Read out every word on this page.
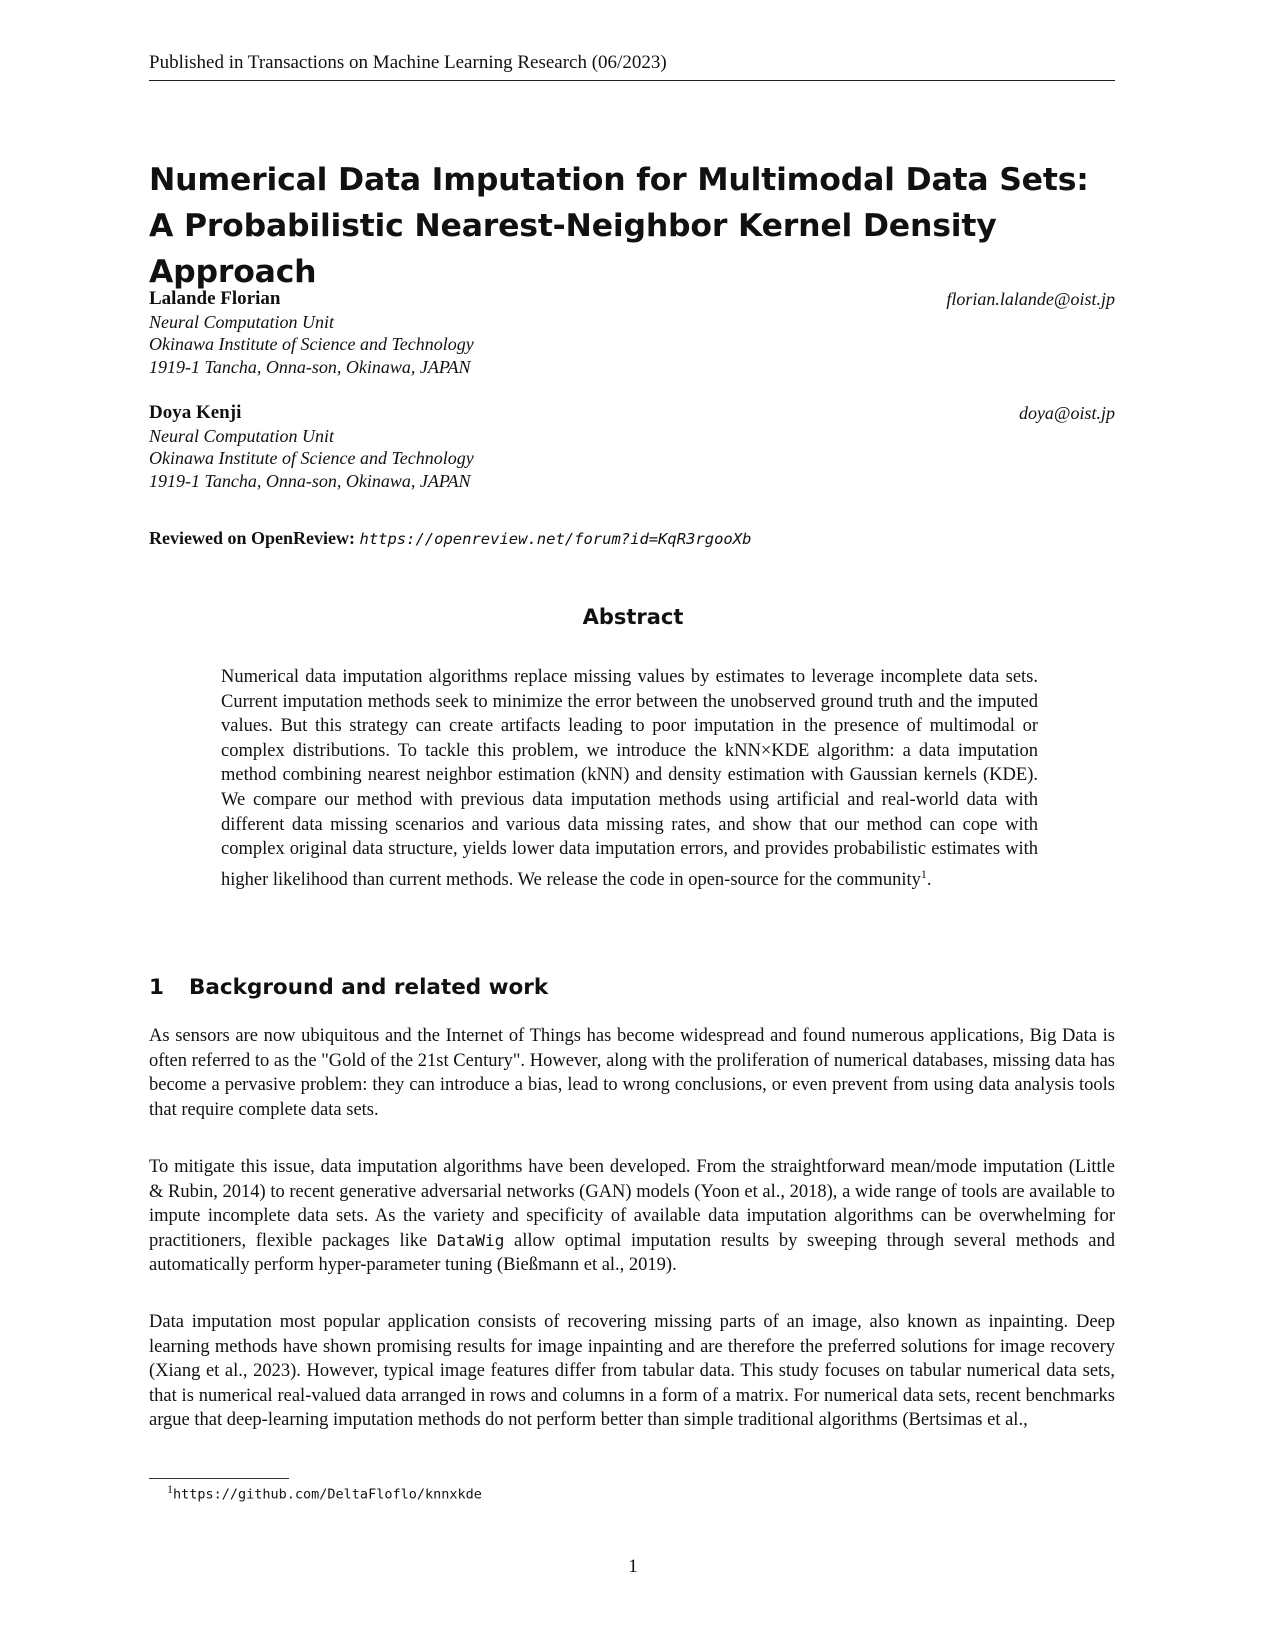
Published in Transactions on Machine Learning Research (06/2023)
Numerical Data Imputation for Multimodal Data Sets:
A Probabilistic Nearest-Neighbor Kernel Density Approach
Lalande Florian
Neural Computation Unit
Okinawa Institute of Science and Technology
1919-1 Tancha, Onna-son, Okinawa, JAPAN
florian.lalande@oist.jp
Doya Kenji
Neural Computation Unit
Okinawa Institute of Science and Technology
1919-1 Tancha, Onna-son, Okinawa, JAPAN
doya@oist.jp
Reviewed on OpenReview: https://openreview.net/forum?id=KqR3rgooXb
Abstract

Numerical data imputation algorithms replace missing values by estimates to leverage incomplete data sets. Current imputation methods seek to minimize the error between the unobserved ground truth and the imputed values. But this strategy can create artifacts leading to poor imputation in the presence of multimodal or complex distributions. To tackle this problem, we introduce the kNN×KDE algorithm: a data imputation method combining nearest neighbor estimation (kNN) and density estimation with Gaussian kernels (KDE). We compare our method with previous data imputation methods using artificial and real-world data with different data missing scenarios and various data missing rates, and show that our method can cope with complex original data structure, yields lower data imputation errors, and provides probabilistic estimates with higher likelihood than current methods. We release the code in open-source for the community$^1$.

1 Background and related work

As sensors are now ubiquitous and the Internet of Things has become widespread and found numerous applications, Big Data is often referred to as the "Gold of the 21st Century". However, along with the proliferation of numerical databases, missing data has become a pervasive problem: they can introduce a bias, lead to wrong conclusions, or even prevent from using data analysis tools that require complete data sets.

To mitigate this issue, data imputation algorithms have been developed. From the straightforward mean/mode imputation (Little & Rubin, 2014) to recent generative adversarial networks (GAN) models (Yoon et al., 2018), a wide range of tools are available to impute incomplete data sets. As the variety and specificity of available data imputation algorithms can be overwhelming for practitioners, flexible packages like DataWig allow optimal imputation results by sweeping through several methods and automatically perform hyper-parameter tuning (Bießmann et al., 2019).

Data imputation most popular application consists of recovering missing parts of an image, also known as inpainting. Deep learning methods have shown promising results for image inpainting and are therefore the preferred solutions for image recovery (Xiang et al., 2023). However, typical image features differ from tabular data. This study focuses on tabular numerical data sets, that is numerical real-valued data arranged in rows and columns in a form of a matrix. For numerical data sets, recent benchmarks argue that deep-learning imputation methods do not perform better than simple traditional algorithms (Bertsimas et al.,

$^1$https://github.com/DeltaFloflo/knnxkde
1
